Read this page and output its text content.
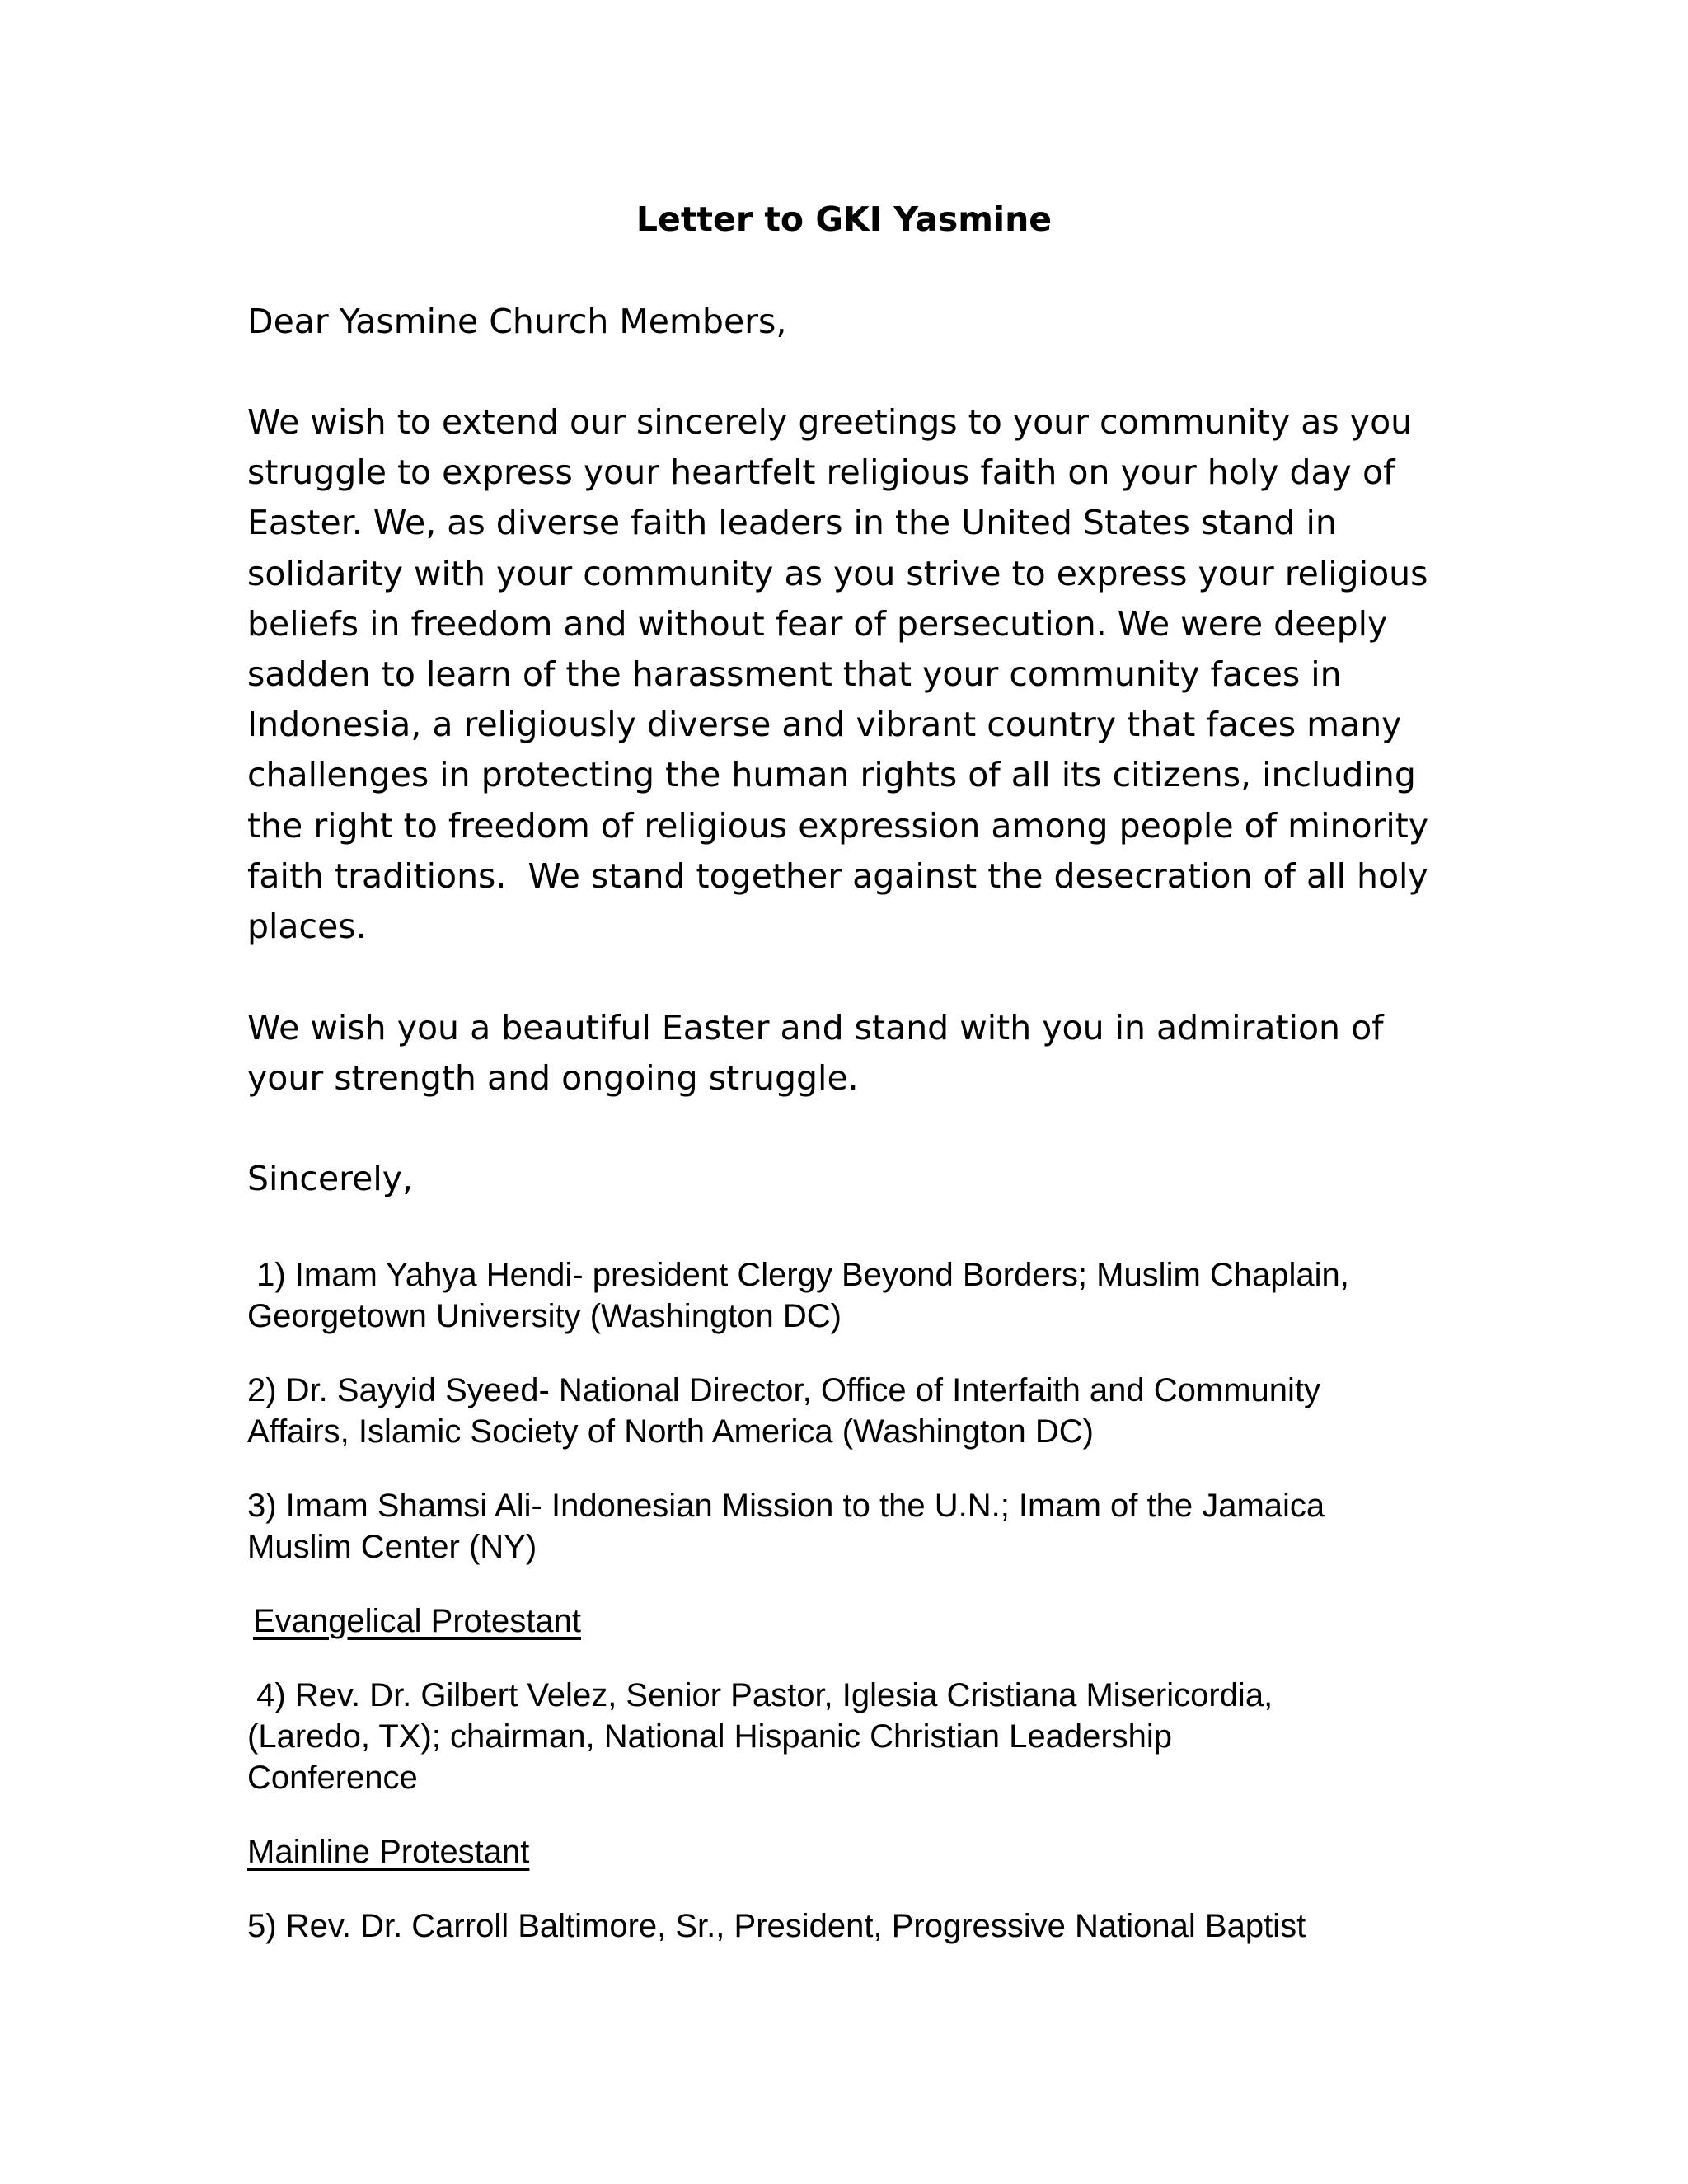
Letter to GKI Yasmine
Dear Yasmine Church Members,
We wish to extend our sincerely greetings to your community as you
struggle to express your heartfelt religious faith on your holy day of
Easter. We, as diverse faith leaders in the United States stand in
solidarity with your community as you strive to express your religious
beliefs in freedom and without fear of persecution. We were deeply
sadden to learn of the harassment that your community faces in
Indonesia, a religiously diverse and vibrant country that faces many
challenges in protecting the human rights of all its citizens, including
the right to freedom of religious expression among people of minority
faith traditions.  We stand together against the desecration of all holy
places.
We wish you a beautiful Easter and stand with you in admiration of
your strength and ongoing struggle.
Sincerely,
1) Imam Yahya Hendi- president Clergy Beyond Borders; Muslim Chaplain,
Georgetown University (Washington DC)
2) Dr. Sayyid Syeed- National Director, Office of Interfaith and Community
Affairs, Islamic Society of North America (Washington DC)
3) Imam Shamsi Ali- Indonesian Mission to the U.N.; Imam of the Jamaica
Muslim Center (NY)
Evangelical Protestant
4) Rev. Dr. Gilbert Velez, Senior Pastor, Iglesia Cristiana Misericordia,
(Laredo, TX); chairman, National Hispanic Christian Leadership
Conference
Mainline Protestant
5) Rev. Dr. Carroll Baltimore, Sr., President, Progressive National Baptist
